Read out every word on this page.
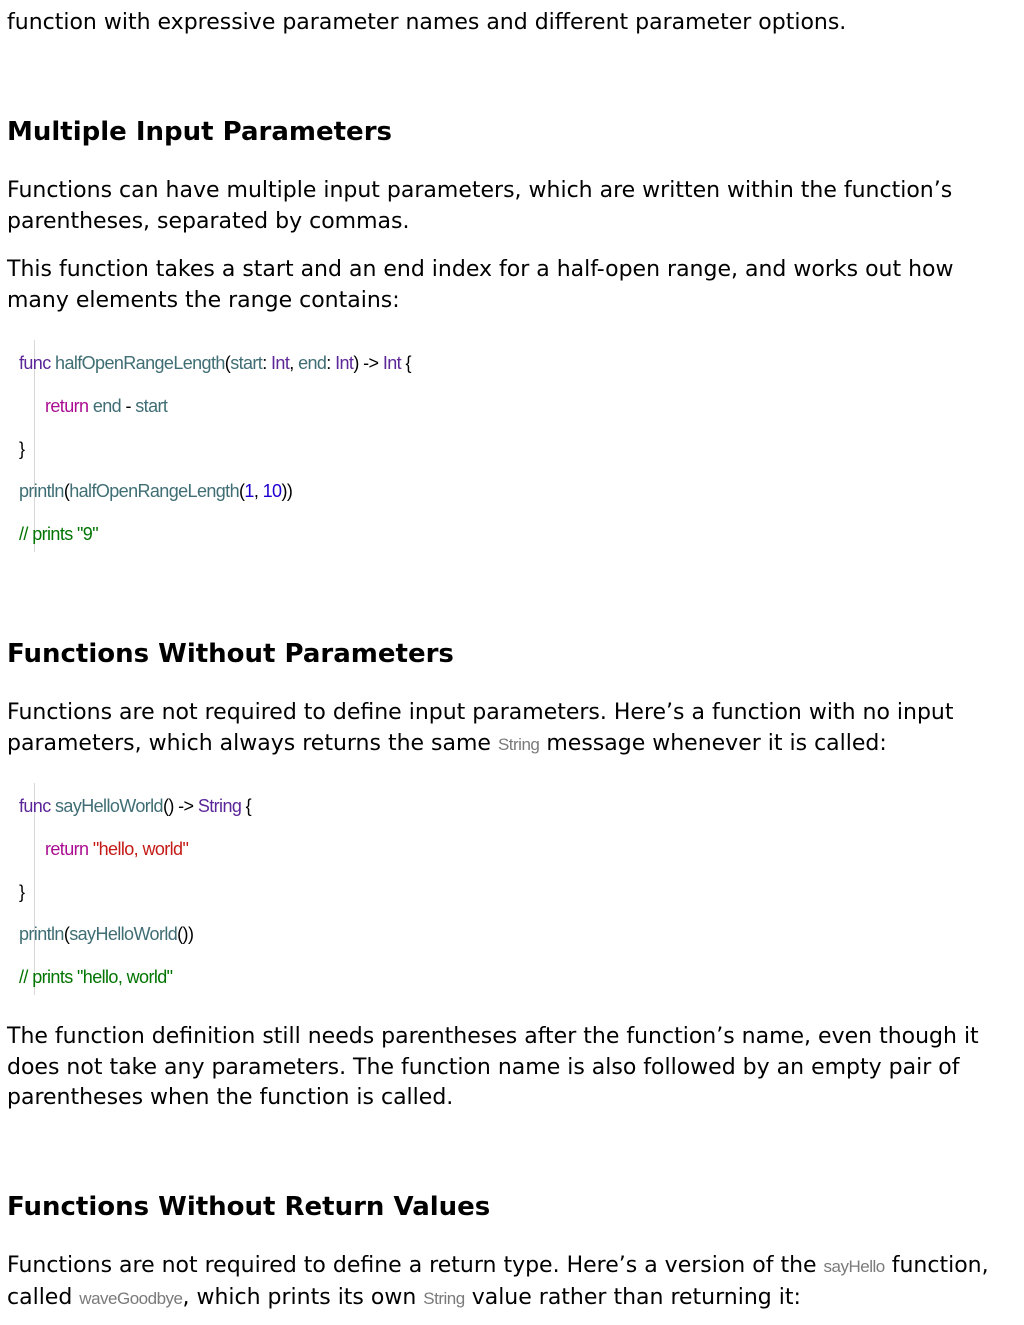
function with expressive parameter names and different parameter options.

Multiple Input Parameters

Functions can have multiple input parameters, which are written within the function’s
parentheses, separated by commas.

This function takes a start and an end index for a half-open range, and works out how
many elements the range contains:

func halfOpenRangeLength(start: Int, end: Int) -> Int {
return end - start
}
println(halfOpenRangeLength(1, 10))
// prints "9"
Functions Without Parameters

Functions are not required to define input parameters. Here’s a function with no input
parameters, which always returns the same String message whenever it is called:

func sayHelloWorld() -> String {
return "hello, world"
}
println(sayHelloWorld())
// prints "hello, world"

The function definition still needs parentheses after the function’s name, even though it
does not take any parameters. The function name is also followed by an empty pair of
parentheses when the function is called.

Functions Without Return Values

Functions are not required to define a return type. Here’s a version of the sayHello function,
called waveGoodbye, which prints its own String value rather than returning it:
